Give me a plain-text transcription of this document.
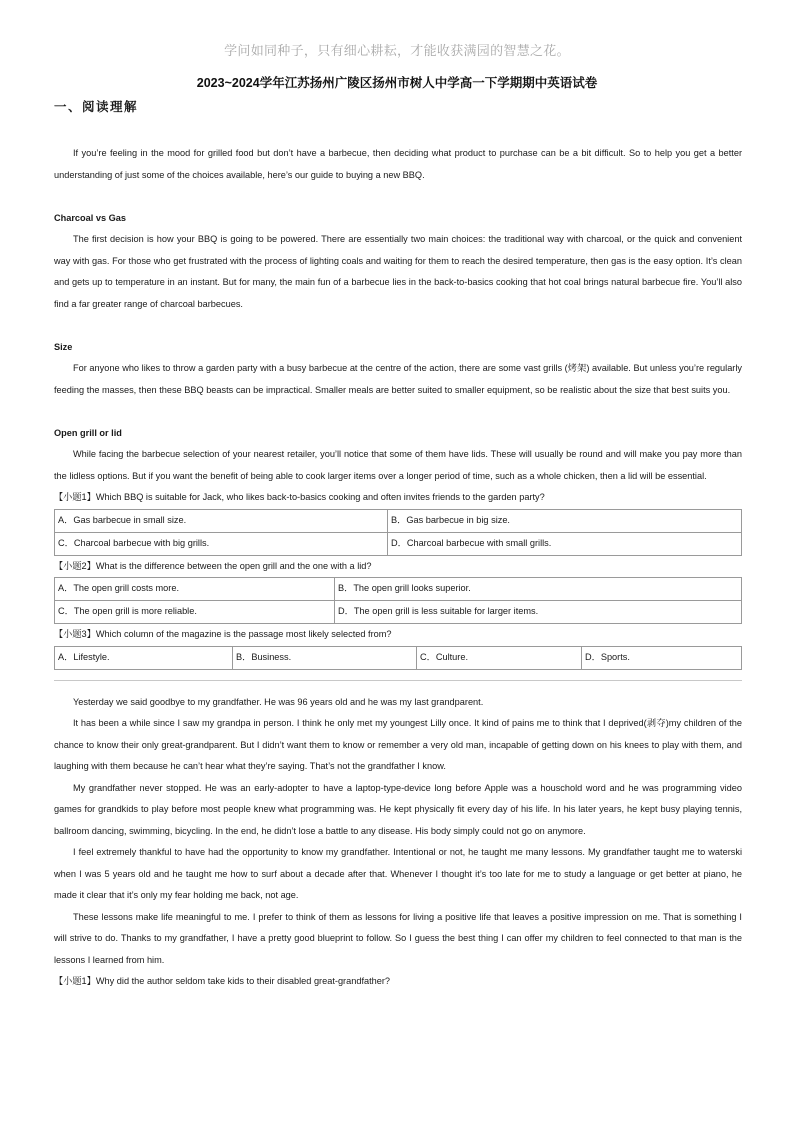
学问如同种子，只有细心耕耘，才能收获满园的智慧之花。
2023~2024学年江苏扬州广陵区扬州市树人中学高一下学期期中英语试卷
一、阅读理解

If you’re feeling in the mood for grilled food but don’t have a barbecue, then deciding what product to purchase can be a bit difficult. So to help you get a better understanding of just some of the choices available, here’s our guide to buying a new BBQ.

Charcoal vs Gas

The first decision is how your BBQ is going to be powered. There are essentially two main choices: the traditional way with charcoal, or the quick and convenient way with gas. For those who get frustrated with the process of lighting coals and waiting for them to reach the desired temperature, then gas is the easy option. It’s clean and gets up to temperature in an instant. But for many, the main fun of a barbecue lies in the back-to-basics cooking that hot coal brings natural barbecue fire. You’ll also find a far greater range of charcoal barbecues.

Size

For anyone who likes to throw a garden party with a busy barbecue at the centre of the action, there are some vast grills (烤架) available. But unless you’re regularly feeding the masses, then these BBQ beasts can be impractical. Smaller meals are better suited to smaller equipment, so be realistic about the size that best suits you.

Open grill or lid

While facing the barbecue selection of your nearest retailer, you’ll notice that some of them have lids. These will usually be round and will make you pay more than the lidless options. But if you want the benefit of being able to cook larger items over a longer period of time, such as a whole chicken, then a lid will be essential.

【小题1】Which BBQ is suitable for Jack, who likes back-to-basics cooking and often invites friends to the garden party?

A．Gas barbecue in small size.	B．Gas barbecue in big size.
C．Charcoal barbecue with big grills.	D．Charcoal barbecue with small grills.

【小题2】What is the difference between the open grill and the one with a lid?

A．The open grill costs more.	B．The open grill looks superior.
C．The open grill is more reliable.	D．The open grill is less suitable for larger items.

【小题3】Which column of the magazine is the passage most likely selected from?

A．Lifestyle.	B．Business.	C．Culture.	D．Sports.

Yesterday we said goodbye to my grandfather. He was 96 years old and he was my last grandparent.

It has been a while since I saw my grandpa in person. I think he only met my youngest Lilly once. It kind of pains me to think that I deprived(剥夺)my children of the chance to know their only great-grandparent. But I didn’t want them to know or remember a very old man, incapable of getting down on his knees to play with them, and laughing with them because he can’t hear what they’re saying. That’s not the grandfather I know.

My grandfather never stopped. He was an early-adopter to have a laptop-type-device long before Apple was a houschold word and he was programming video games for grandkids to play before most people knew what programming was. He kept physically fit every day of his life. In his later years, he kept busy playing tennis, ballroom dancing, swimming, bicycling. In the end, he didn’t lose a battle to any disease. His body simply could not go on anymore.

I feel extremely thankful to have had the opportunity to know my grandfather. Intentional or not, he taught me many lessons. My grandfather taught me to waterski when I was 5 years old and he taught me how to surf about a decade after that. Whenever I thought it’s too late for me to study a language or get better at piano, he made it clear that it’s only my fear holding me back, not age.

These lessons make life meaningful to me. I prefer to think of them as lessons for living a positive life that leaves a positive impression on me. That is something I will strive to do. Thanks to my grandfather, I have a pretty good blueprint to follow. So I guess the best thing I can offer my children to feel connected to that man is the lessons I learned from him.

【小题1】Why did the author seldom take kids to their disabled great-grandfather?
